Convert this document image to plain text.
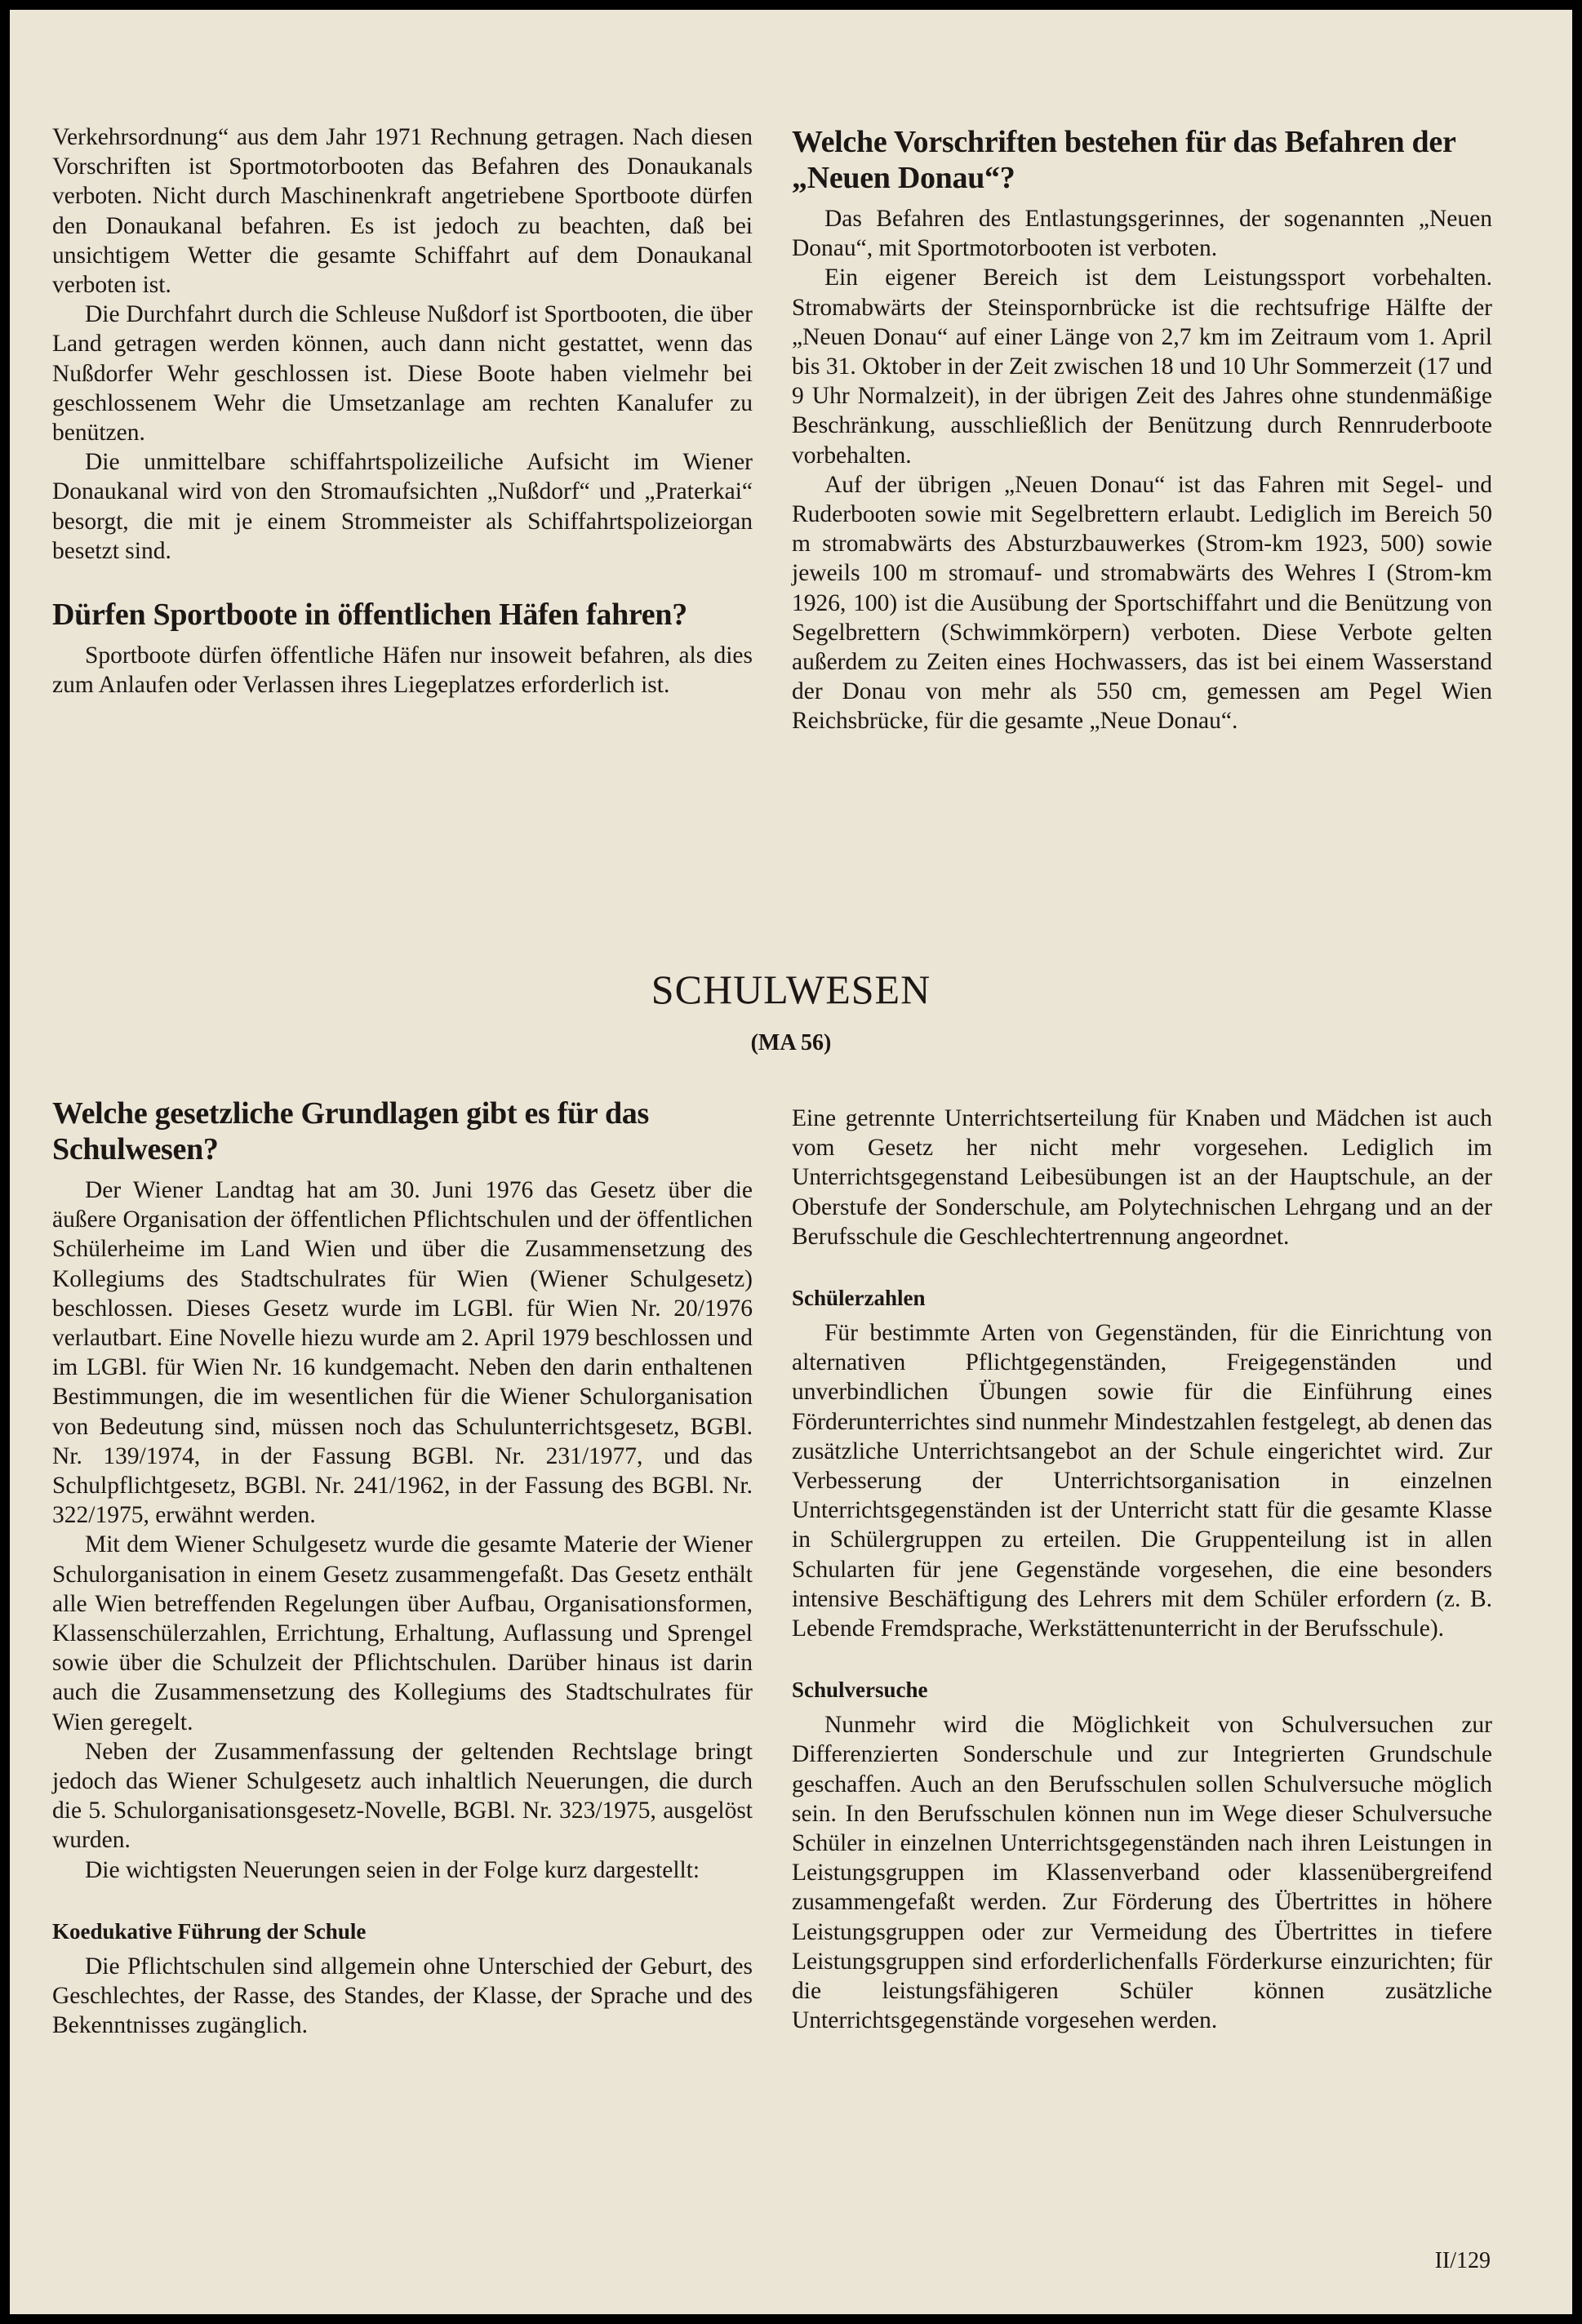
Verkehrsordnung“ aus dem Jahr 1971 Rechnung getragen. Nach diesen Vorschriften ist Sportmotorbooten das Befahren des Donaukanals verboten. Nicht durch Maschinenkraft angetriebene Sportboote dürfen den Donaukanal befahren. Es ist jedoch zu beachten, daß bei unsichtigem Wetter die gesamte Schiffahrt auf dem Donaukanal verboten ist.

Die Durchfahrt durch die Schleuse Nußdorf ist Sportbooten, die über Land getragen werden können, auch dann nicht gestattet, wenn das Nußdorfer Wehr geschlossen ist. Diese Boote haben vielmehr bei geschlossenem Wehr die Umsetzanlage am rechten Kanalufer zu benützen.

Die unmittelbare schiffahrtspolizeiliche Aufsicht im Wiener Donaukanal wird von den Stromaufsichten „Nußdorf“ und „Praterkai“ besorgt, die mit je einem Strommeister als Schiffahrtspolizeiorgan besetzt sind.

Dürfen Sportboote in öffentlichen Häfen fahren?

Sportboote dürfen öffentliche Häfen nur insoweit befahren, als dies zum Anlaufen oder Verlassen ihres Liegeplatzes erforderlich ist.

Welche Vorschriften bestehen für das Befahren der „Neuen Donau“?

Das Befahren des Entlastungsgerinnes, der sogenannten „Neuen Donau“, mit Sportmotorbooten ist verboten.

Ein eigener Bereich ist dem Leistungssport vorbehalten. Stromabwärts der Steinspornbrücke ist die rechtsufrige Hälfte der „Neuen Donau“ auf einer Länge von 2,7 km im Zeitraum vom 1. April bis 31. Oktober in der Zeit zwischen 18 und 10 Uhr Sommerzeit (17 und 9 Uhr Normalzeit), in der übrigen Zeit des Jahres ohne stundenmäßige Beschränkung, ausschließlich der Benützung durch Rennruderboote vorbehalten.

Auf der übrigen „Neuen Donau“ ist das Fahren mit Segel- und Ruderbooten sowie mit Segelbrettern erlaubt. Lediglich im Bereich 50 m stromabwärts des Absturzbauwerkes (Strom-km 1923, 500) sowie jeweils 100 m stromauf- und stromabwärts des Wehres I (Strom-km 1926, 100) ist die Ausübung der Sportschiffahrt und die Benützung von Segelbrettern (Schwimmkörpern) verboten. Diese Verbote gelten außerdem zu Zeiten eines Hochwassers, das ist bei einem Wasserstand der Donau von mehr als 550 cm, gemessen am Pegel Wien Reichsbrücke, für die gesamte „Neue Donau“.

SCHULWESEN
(MA 56)
Welche gesetzliche Grundlagen gibt es für das Schulwesen?

Der Wiener Landtag hat am 30. Juni 1976 das Gesetz über die äußere Organisation der öffentlichen Pflichtschulen und der öffentlichen Schülerheime im Land Wien und über die Zusammensetzung des Kollegiums des Stadtschulrates für Wien (Wiener Schulgesetz) beschlossen. Dieses Gesetz wurde im LGBl. für Wien Nr. 20/1976 verlautbart. Eine Novelle hiezu wurde am 2. April 1979 beschlossen und im LGBl. für Wien Nr. 16 kundgemacht. Neben den darin enthaltenen Bestimmungen, die im wesentlichen für die Wiener Schulorganisation von Bedeutung sind, müssen noch das Schulunterrichtsgesetz, BGBl. Nr. 139/1974, in der Fassung BGBl. Nr. 231/1977, und das Schulpflichtgesetz, BGBl. Nr. 241/1962, in der Fassung des BGBl. Nr. 322/1975, erwähnt werden.

Mit dem Wiener Schulgesetz wurde die gesamte Materie der Wiener Schulorganisation in einem Gesetz zusammengefaßt. Das Gesetz enthält alle Wien betreffenden Regelungen über Aufbau, Organisationsformen, Klassenschülerzahlen, Errichtung, Erhaltung, Auflassung und Sprengel sowie über die Schulzeit der Pflichtschulen. Darüber hinaus ist darin auch die Zusammensetzung des Kollegiums des Stadtschulrates für Wien geregelt.

Neben der Zusammenfassung der geltenden Rechtslage bringt jedoch das Wiener Schulgesetz auch inhaltlich Neuerungen, die durch die 5. Schulorganisationsgesetz-Novelle, BGBl. Nr. 323/1975, ausgelöst wurden.

Die wichtigsten Neuerungen seien in der Folge kurz dargestellt:

Koedukative Führung der Schule

Die Pflichtschulen sind allgemein ohne Unterschied der Geburt, des Geschlechtes, der Rasse, des Standes, der Klasse, der Sprache und des Bekenntnisses zugänglich.

Eine getrennte Unterrichtserteilung für Knaben und Mädchen ist auch vom Gesetz her nicht mehr vorgesehen. Lediglich im Unterrichtsgegenstand Leibesübungen ist an der Hauptschule, an der Oberstufe der Sonderschule, am Polytechnischen Lehrgang und an der Berufsschule die Geschlechtertrennung angeordnet.

Schülerzahlen

Für bestimmte Arten von Gegenständen, für die Einrichtung von alternativen Pflichtgegenständen, Freigegenständen und unverbindlichen Übungen sowie für die Einführung eines Förderunterrichtes sind nunmehr Mindestzahlen festgelegt, ab denen das zusätzliche Unterrichtsangebot an der Schule eingerichtet wird. Zur Verbesserung der Unterrichtsorganisation in einzelnen Unterrichtsgegenständen ist der Unterricht statt für die gesamte Klasse in Schülergruppen zu erteilen. Die Gruppenteilung ist in allen Schularten für jene Gegenstände vorgesehen, die eine besonders intensive Beschäftigung des Lehrers mit dem Schüler erfordern (z. B. Lebende Fremdsprache, Werkstättenunterricht in der Berufsschule).

Schulversuche

Nunmehr wird die Möglichkeit von Schulversuchen zur Differenzierten Sonderschule und zur Integrierten Grundschule geschaffen. Auch an den Berufsschulen sollen Schulversuche möglich sein. In den Berufsschulen können nun im Wege dieser Schulversuche Schüler in einzelnen Unterrichtsgegenständen nach ihren Leistungen in Leistungsgruppen im Klassenverband oder klassenübergreifend zusammengefaßt werden. Zur Förderung des Übertrittes in höhere Leistungsgruppen oder zur Vermeidung des Übertrittes in tiefere Leistungsgruppen sind erforderlichenfalls Förderkurse einzurichten; für die leistungsfähigeren Schüler können zusätzliche Unterrichtsgegenstände vorgesehen werden.

II/129
